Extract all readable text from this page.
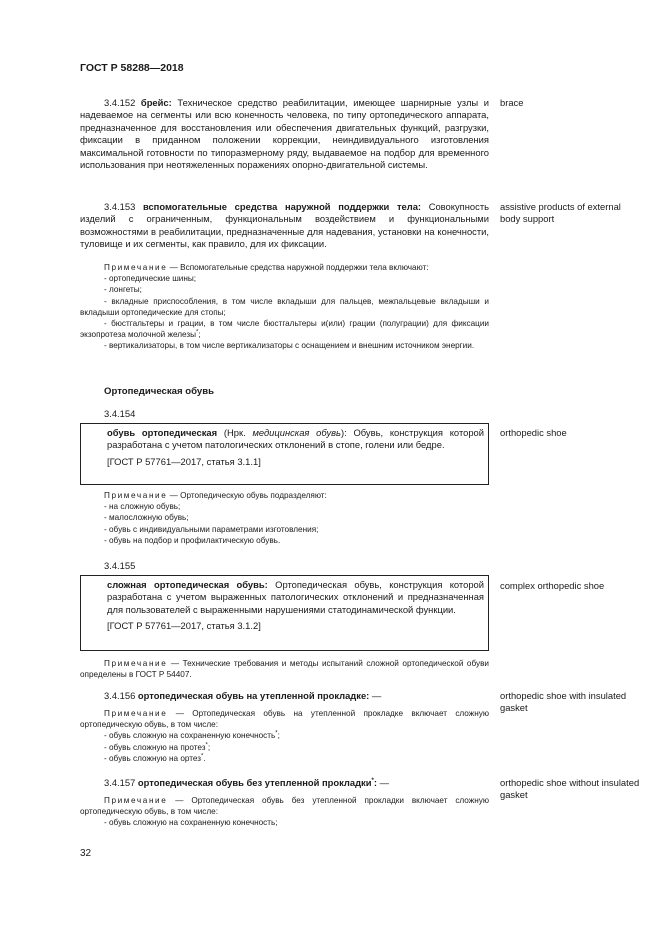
ГОСТ Р 58288—2018
3.4.152 брейс: Техническое средство реабилитации, имеющее шарнирные узлы и надеваемое на сегменты или всю конечность человека, по типу ортопедического аппарата, предназначенное для восстановления или обеспечения двигательных функций, разгрузки, фиксации в приданном положении коррекции, неиндивидуального изготовления максимальной готовности по типоразмерному ряду, выдаваемое на подбор для временного использования при неотяжеленных поражениях опорно-двигательной системы.
brace
3.4.153 вспомогательные средства наружной поддержки тела: Совокупность изделий с ограниченным, функциональным воздействием и функциональными возможностями в реабилитации, предназначенные для надевания, установки на конечности, туловище и их сегменты, как правило, для их фиксации.
assistive products of external body support

Примечание — Вспомогательные средства наружной поддержки тела включают:

- ортопедические шины;

- лонгеты;

- вкладные приспособления, в том числе вкладыши для пальцев, межпальцевые вкладыши и вкладыши ортопедические для стопы;

- бюстгальтеры и грации, в том числе бюстгальтеры и(или) грации (полуграции) для фиксации экзопротеза молочной железы*;

- вертикализаторы, в том числе вертикализаторы с оснащением и внешним источником энергии.

Ортопедическая обувь
3.4.154

обувь ортопедическая (Нрк. медицинская обувь): Обувь, конструкция которой разработана с учетом патологических отклонений в стопе, голени или бедре.

[ГОСТ Р 57761—2017, статья 3.1.1]

orthopedic shoe

Примечание — Ортопедическую обувь подразделяют:

- на сложную обувь;

- малосложную обувь;

- обувь с индивидуальными параметрами изготовления;

- обувь на подбор и профилактическую обувь.

3.4.155

сложная ортопедическая обувь: Ортопедическая обувь, конструкция которой разработана с учетом выраженных патологических отклонений и предназначенная для пользователей с выраженными нарушениями статодинамической функции.

[ГОСТ Р 57761—2017, статья 3.1.2]

complex orthopedic shoe

Примечание — Технические требования и методы испытаний сложной ортопедической обуви определены в ГОСТ Р 54407.

3.4.156 ортопедическая обувь на утепленной прокладке: —	orthopedic shoe with insulated gasket

Примечание — Ортопедическая обувь на утепленной прокладке включает сложную ортопедическую обувь, в том числе:

- обувь сложную на сохраненную конечность*;

- обувь сложную на протез*;

- обувь сложную на ортез*.

3.4.157 ортопедическая обувь без утепленной прокладки*: —	orthopedic shoe without insulated gasket

Примечание — Ортопедическая обувь без утепленной прокладки включает сложную ортопедическую обувь, в том числе:

- обувь сложную на сохраненную конечность;

32
